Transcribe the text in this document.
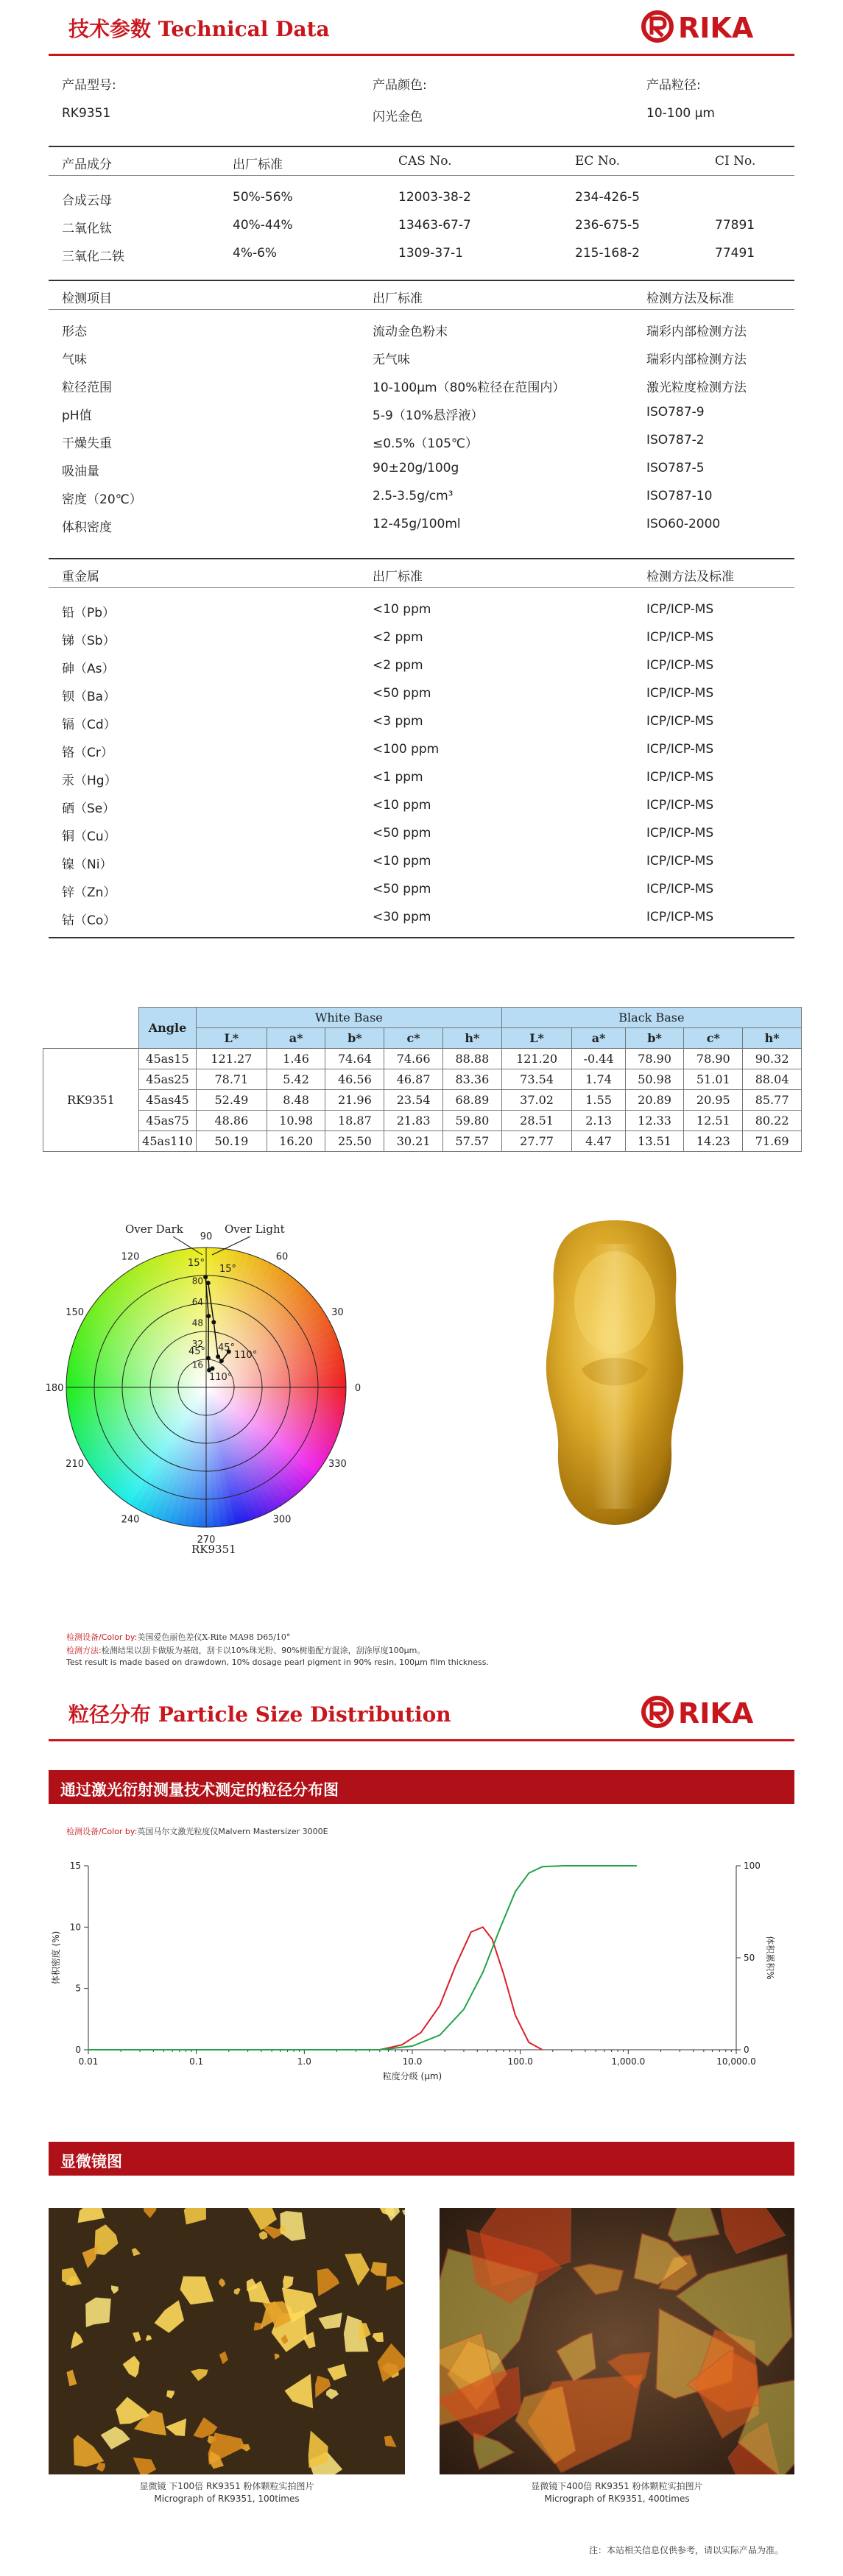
技术参数 Technical Data	RIKA
产品型号:	产品颜色:	产品粒径:
RK9351	闪光金色	10-100 μm
产品成分	出厂标准	CAS No.	EC No.	CI No.
合成云母	50%-56%	12003-38-2	234-426-5
二氧化钛	40%-44%	13463-67-7	236-675-5	77891
三氧化二铁	4%-6%	1309-37-1	215-168-2	77491
检测项目	出厂标准	检测方法及标准
形态	流动金色粉末	瑞彩内部检测方法
气味	无气味	瑞彩内部检测方法
粒径范围	10-100μm（80%粒径在范围内）	激光粒度检测方法
pH值	5-9（10%悬浮液）	ISO787-9
干燥失重	≤0.5%（105℃）	ISO787-2
吸油量	90±20g/100g	ISO787-5
密度（20℃）	2.5-3.5g/cm³	ISO787-10
体积密度	12-45g/100ml	ISO60-2000
重金属	出厂标准	检测方法及标准
铅（Pb）	<10 ppm	ICP/ICP-MS
锑（Sb）	<2 ppm	ICP/ICP-MS
砷（As）	<2 ppm	ICP/ICP-MS
钡（Ba）	<50 ppm	ICP/ICP-MS
镉（Cd）	<3 ppm	ICP/ICP-MS
铬（Cr）	<100 ppm	ICP/ICP-MS
汞（Hg）	<1 ppm	ICP/ICP-MS
硒（Se）	<10 ppm	ICP/ICP-MS
铜（Cu）	<50 ppm	ICP/ICP-MS
镍（Ni）	<10 ppm	ICP/ICP-MS
锌（Zn）	<50 ppm	ICP/ICP-MS
钴（Co）	<30 ppm	ICP/ICP-MS
	Angle	White Base					Black Base				
		L*	a*	b*	c*	h*	L*	a*	b*	c*	h*
RK9351	45as15	121.27	1.46	74.64	74.66	88.88	121.20	-0.44	78.90	78.90	90.32
	45as25	78.71	5.42	46.56	46.87	83.36	73.54	1.74	50.98	51.01	88.04
	45as45	52.49	8.48	21.96	23.54	68.89	37.02	1.55	20.89	20.95	85.77
	45as75	48.86	10.98	18.87	21.83	59.80	28.51	2.13	12.33	12.51	80.22
	45as110	50.19	16.20	25.50	30.21	57.57	27.77	4.47	13.51	14.23	71.69
90
60
30
0
330
300
270
240
210
180
150
120
80
64
48
32
16
15°
15°
45° 45°
110°
110°
Over Dark	Over Light
RK9351
检测设备/Color by:美国爱色丽色差仪X-Rite MA98 D65/10°
检测方法:检测结果以刮卡做版为基础，刮卡以10%珠光粉、90%树脂配方混涂，刮涂厚度100μm。
Test result is made based on drawdown, 10% dosage pearl pigment in 90% resin, 100μm film thickness.
粒径分布 Particle Size Distribution	RIKA
通过激光衍射测量技术测定的粒径分布图
检测设备/Color by:英国马尔文激光粒度仪Malvern Mastersizer 3000E
0.01	0.1	1.0	10.0	100.0	1,000.0	10,000.0
0
5
10
15
0
50
100
粒度分级 (μm)
体积密度 (%)	体积累积%
显微镜图
显微镜 下100倍 RK9351 粉体颗粒实拍图片
Micrograph of RK9351, 100times
显微镜下400倍 RK9351 粉体颗粒实拍图片
Micrograph of RK9351, 400times
注：本站相关信息仅供参考，请以实际产品为准。
